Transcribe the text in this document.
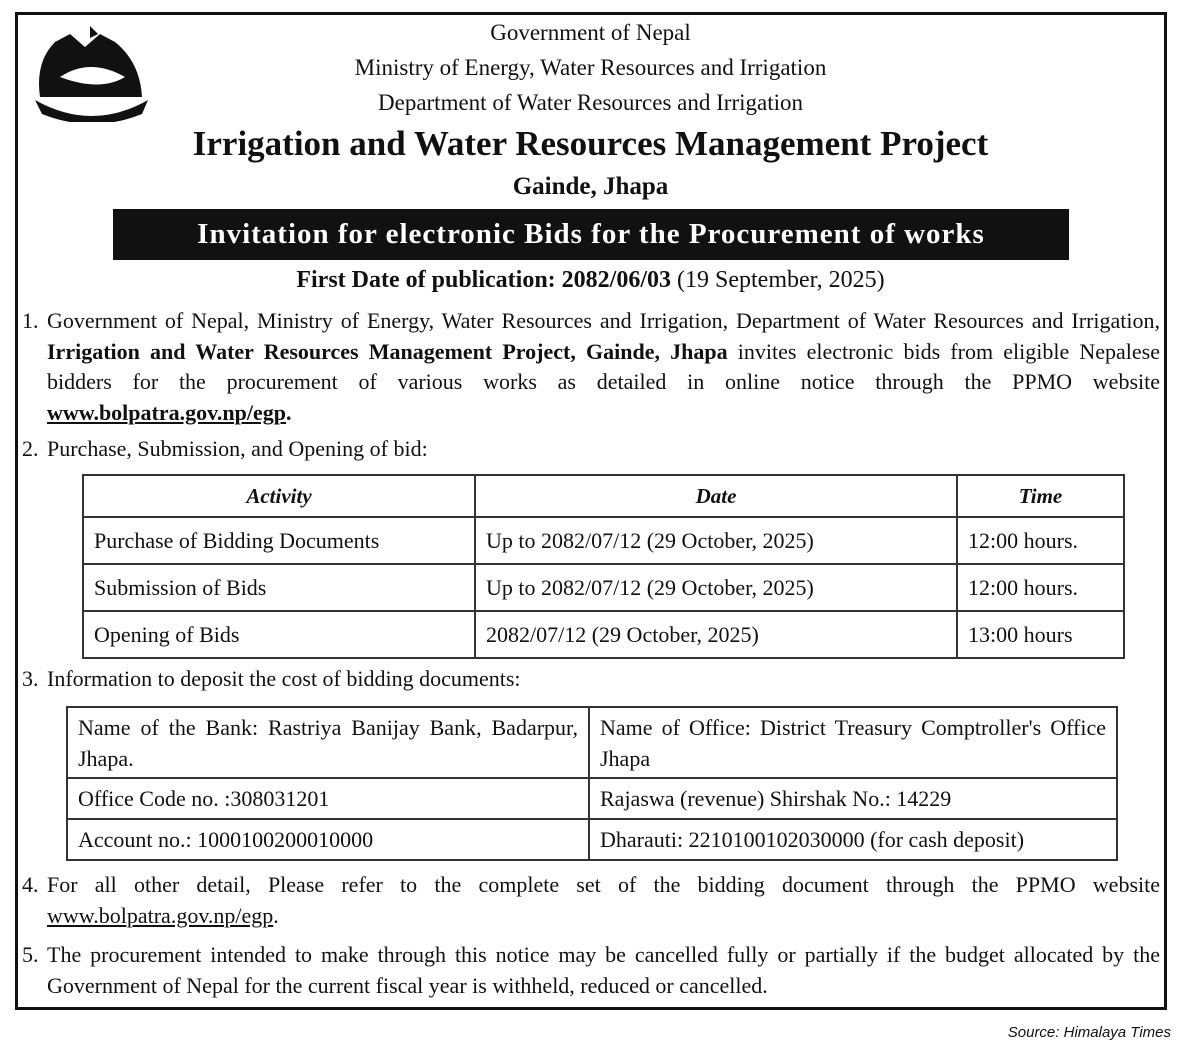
Government of Nepal
Ministry of Energy, Water Resources and Irrigation
Department of Water Resources and Irrigation
Irrigation and Water Resources Management Project
Gainde, Jhapa
Invitation for electronic Bids for the Procurement of works
First Date of publication: 2082/06/03 (19 September, 2025)
1. Government of Nepal, Ministry of Energy, Water Resources and Irrigation, Department of Water Resources and Irrigation, Irrigation and Water Resources Management Project, Gainde, Jhapa invites electronic bids from eligible Nepalese bidders for the procurement of various works as detailed in online notice through the PPMO website www.bolpatra.gov.np/egp.
2. Purchase, Submission, and Opening of bid:
Activity	Date	Time
Purchase of Bidding Documents	Up to 2082/07/12 (29 October, 2025)	12:00 hours.
Submission of Bids	Up to 2082/07/12 (29 October, 2025)	12:00 hours.
Opening of Bids	2082/07/12 (29 October, 2025)	13:00 hours
3. Information to deposit the cost of bidding documents:
Name of the Bank: Rastriya Banijay Bank, Badarpur, Jhapa.	Name of Office: District Treasury Comptroller's Office Jhapa
Office Code no. :308031201	Rajaswa (revenue) Shirshak No.: 14229
Account no.: 1000100200010000	Dharauti: 2210100102030000 (for cash deposit)
4. For all other detail, Please refer to the complete set of the bidding document through the PPMO website www.bolpatra.gov.np/egp.
5. The procurement intended to make through this notice may be cancelled fully or partially if the budget allocated by the Government of Nepal for the current fiscal year is withheld, reduced or cancelled.
Source: Himalaya Times
